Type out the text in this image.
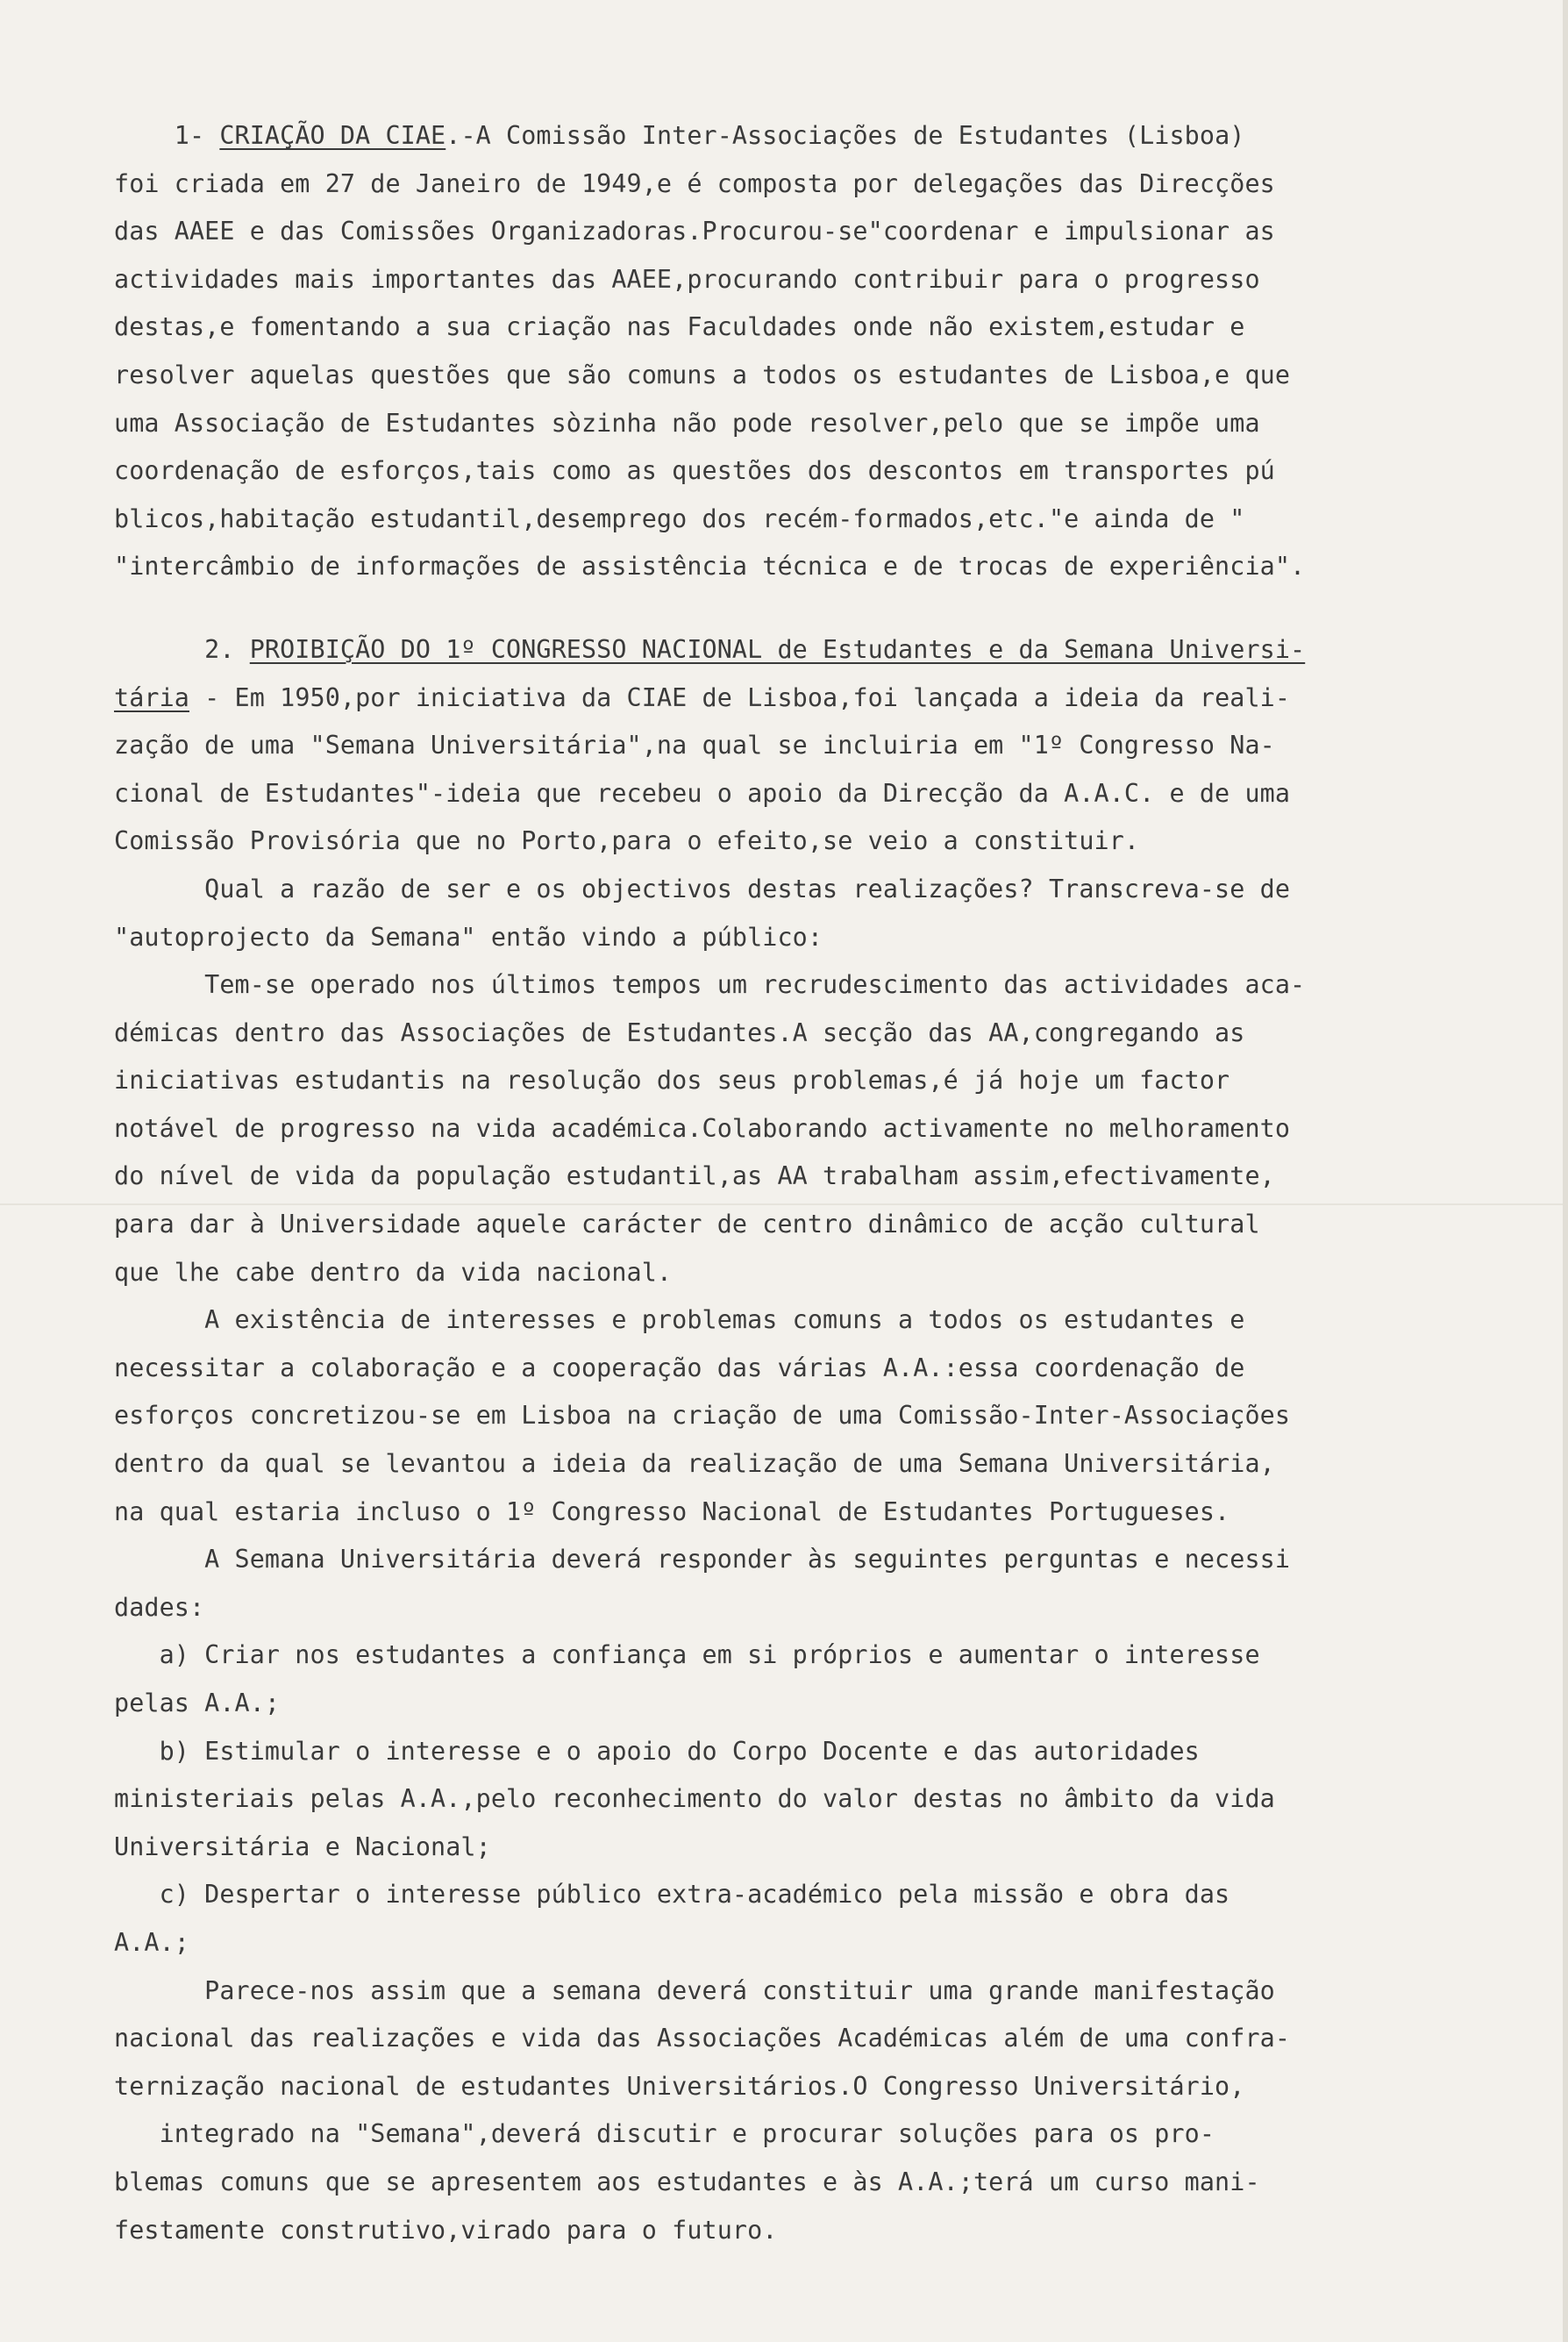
1- CRIAÇÃO DA CIAE.-A Comissão Inter-Associações de Estudantes (Lisboa)
foi criada em 27 de Janeiro de 1949,e é composta por delegações das Direcções
das AAEE e das Comissões Organizadoras.Procurou-se"coordenar e impulsionar as
actividades mais importantes das AAEE,procurando contribuir para o progresso
destas,e fomentando a sua criação nas Faculdades onde não existem,estudar e
resolver aquelas questões que são comuns a todos os estudantes de Lisboa,e que
uma Associação de Estudantes sòzinha não pode resolver,pelo que se impõe uma
coordenação de esforços,tais como as questões dos descontos em transportes pú
blicos,habitação estudantil,desemprego dos recém-formados,etc."e ainda de "
"intercâmbio de informações de assistência técnica e de trocas de experiência".
2. PROIBIÇÃO DO 1º CONGRESSO NACIONAL de Estudantes e da Semana Universi-
tária - Em 1950,por iniciativa da CIAE de Lisboa,foi lançada a ideia da reali-
zação de uma "Semana Universitária",na qual se incluiria em "1º Congresso Na-
cional de Estudantes"-ideia que recebeu o apoio da Direcção da A.A.C. e de uma
Comissão Provisória que no Porto,para o efeito,se veio a constituir.
Qual a razão de ser e os objectivos destas realizações? Transcreva-se de
"autoprojecto da Semana" então vindo a público:
Tem-se operado nos últimos tempos um recrudescimento das actividades aca-
démicas dentro das Associações de Estudantes.A secção das AA,congregando as
iniciativas estudantis na resolução dos seus problemas,é já hoje um factor
notável de progresso na vida académica.Colaborando activamente no melhoramento
do nível de vida da população estudantil,as AA trabalham assim,efectivamente,
para dar à Universidade aquele carácter de centro dinâmico de acção cultural
que lhe cabe dentro da vida nacional.
A existência de interesses e problemas comuns a todos os estudantes e
necessitar a colaboração e a cooperação das várias A.A.:essa coordenação de
esforços concretizou-se em Lisboa na criação de uma Comissão-Inter-Associações
dentro da qual se levantou a ideia da realização de uma Semana Universitária,
na qual estaria incluso o 1º Congresso Nacional de Estudantes Portugueses.
A Semana Universitária deverá responder às seguintes perguntas e necessi
dades:
a) Criar nos estudantes a confiança em si próprios e aumentar o interesse
pelas A.A.;
b) Estimular o interesse e o apoio do Corpo Docente e das autoridades
ministeriais pelas A.A.,pelo reconhecimento do valor destas no âmbito da vida
Universitária e Nacional;
c) Despertar o interesse público extra-académico pela missão e obra das
A.A.;
Parece-nos assim que a semana deverá constituir uma grande manifestação
nacional das realizações e vida das Associações Académicas além de uma confra-
ternização nacional de estudantes Universitários.O Congresso Universitário,
integrado na "Semana",deverá discutir e procurar soluções para os pro-
blemas comuns que se apresentem aos estudantes e às A.A.;terá um curso mani-
festamente construtivo,virado para o futuro.
